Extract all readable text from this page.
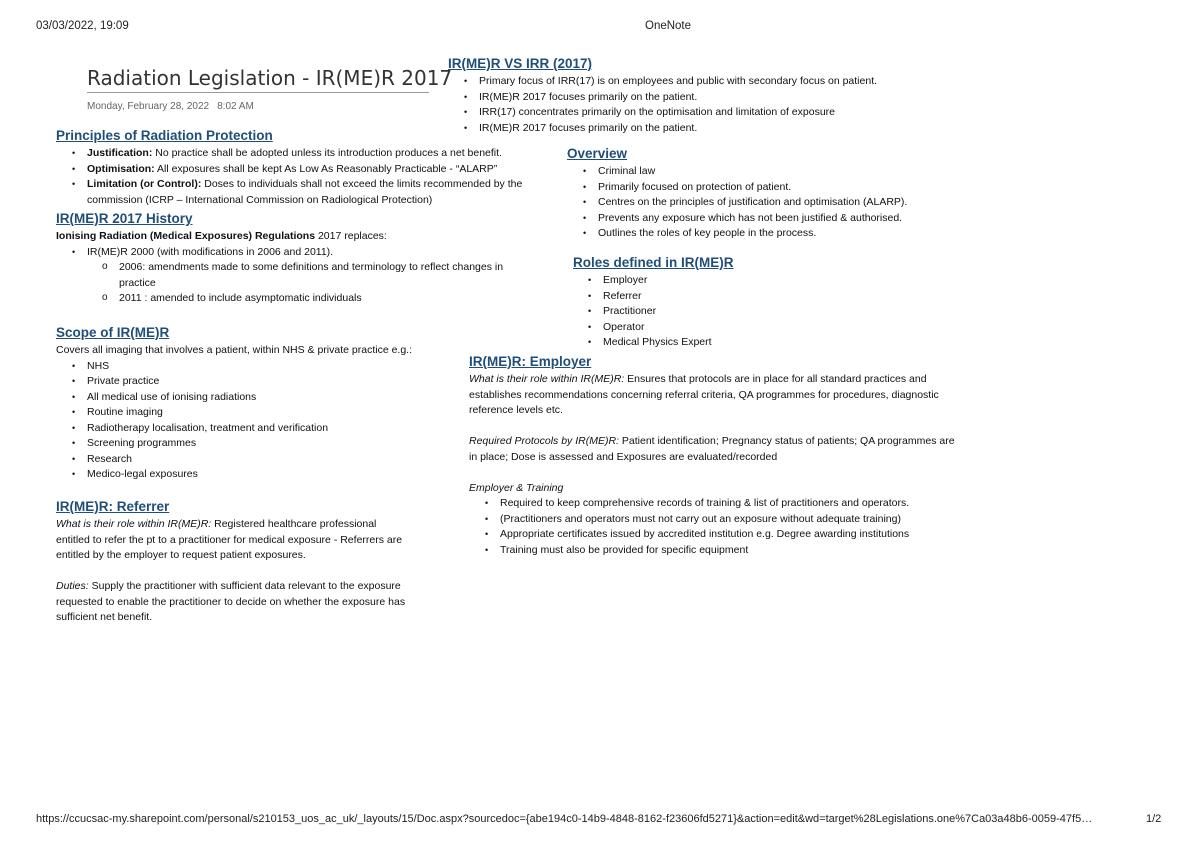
03/03/2022, 19:09	OneNote
Radiation Legislation - IR(ME)R 2017
Monday, February 28, 2022 8:02 AM
Principles of Radiation Protection
• Justification: No practice shall be adopted unless its introduction produces a net benefit.
• Optimisation: All exposures shall be kept As Low As Reasonably Practicable - “ALARP”
• Limitation (or Control): Doses to individuals shall not exceed the limits recommended by the
commission (ICRP – International Commission on Radiological Protection)
IR(ME)R 2017 History
Ionising Radiation (Medical Exposures) Regulations 2017 replaces:
• IR(ME)R 2000 (with modifications in 2006 and 2011).
o 2006: amendments made to some definitions and terminology to reflect changes in
practice
o 2011 : amended to include asymptomatic individuals
Scope of IR(ME)R
Covers all imaging that involves a patient, within NHS & private practice e.g.:
• NHS
• Private practice
• All medical use of ionising radiations
• Routine imaging
• Radiotherapy localisation, treatment and verification
• Screening programmes
• Research
• Medico-legal exposures
IR(ME)R: Referrer
What is their role within IR(ME)R: Registered healthcare professional
entitled to refer the pt to a practitioner for medical exposure - Referrers are
entitled by the employer to request patient exposures.
Duties: Supply the practitioner with sufficient data relevant to the exposure
requested to enable the practitioner to decide on whether the exposure has
sufficient net benefit.
IR(ME)R VS IRR (2017)
• Primary focus of IRR(17) is on employees and public with secondary focus on patient.
• IR(ME)R 2017 focuses primarily on the patient.
• IRR(17) concentrates primarily on the optimisation and limitation of exposure
• IR(ME)R 2017 focuses primarily on the patient.
Overview
• Criminal law
• Primarily focused on protection of patient.
• Centres on the principles of justification and optimisation (ALARP).
• Prevents any exposure which has not been justified & authorised.
• Outlines the roles of key people in the process.
Roles defined in IR(ME)R
• Employer
• Referrer
• Practitioner
• Operator
• Medical Physics Expert
IR(ME)R: Employer
What is their role within IR(ME)R: Ensures that protocols are in place for all standard practices and
establishes recommendations concerning referral criteria, QA programmes for procedures, diagnostic
reference levels etc.
Required Protocols by IR(ME)R: Patient identification; Pregnancy status of patients; QA programmes are
in place; Dose is assessed and Exposures are evaluated/recorded
Employer & Training
• Required to keep comprehensive records of training & list of practitioners and operators.
• (Practitioners and operators must not carry out an exposure without adequate training)
• Appropriate certificates issued by accredited institution e.g. Degree awarding institutions
• Training must also be provided for specific equipment
https://ccucsac-my.sharepoint.com/personal/s210153_uos_ac_uk/_layouts/15/Doc.aspx?sourcedoc={abe194c0-14b9-4848-8162-f23606fd5271}&action=edit&wd=target%28Legislations.one%7Ca03a48b6-0059-47f5…	1/2
